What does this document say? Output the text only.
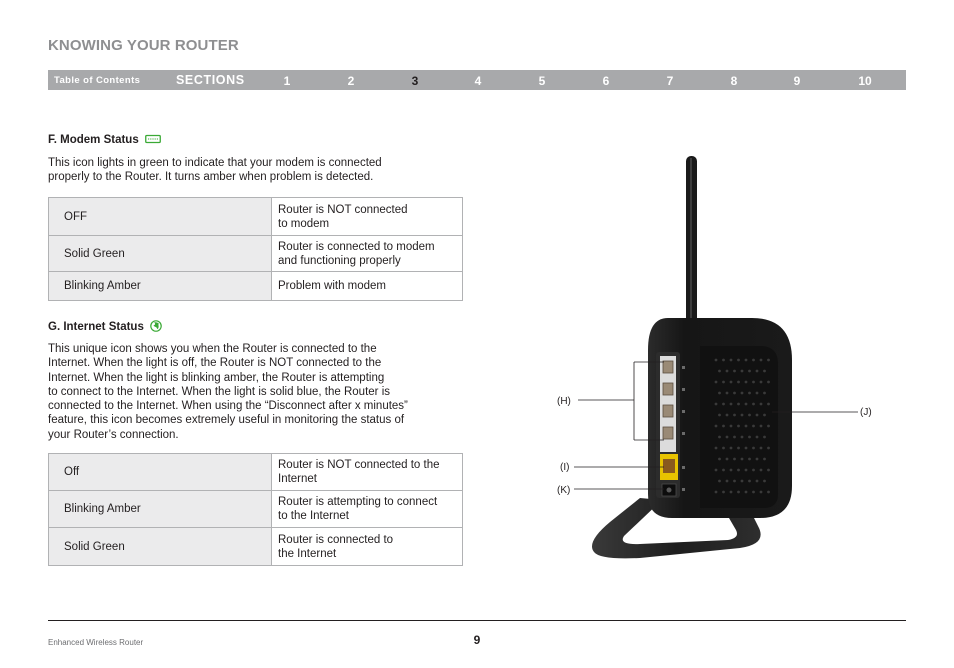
KNOWING YOUR ROUTER
Table of Contents	SECTIONS	1	2	3	4	5	6	7	8	9	10
F. Modem Status

This icon lights in green to indicate that your modem is connected
properly to the Router. It turns amber when problem is detected.

OFF	Router is NOT connected
to modem
Solid Green	Router is connected to modem
and functioning properly
Blinking Amber	Problem with modem
G. Internet Status

This unique icon shows you when the Router is connected to the
Internet. When the light is off, the Router is NOT connected to the
Internet. When the light is blinking amber, the Router is attempting
to connect to the Internet. When the light is solid blue, the Router is
connected to the Internet. When using the “Disconnect after x minutes”
feature, this icon becomes extremely useful in monitoring the status of
your Router’s connection.

Off	Router is NOT connected to the
Internet
Blinking Amber	Router is attempting to connect
to the Internet
Solid Green	Router is connected to
the Internet
(H)
(I)
(K)
(J)
Enhanced Wireless Router	9
